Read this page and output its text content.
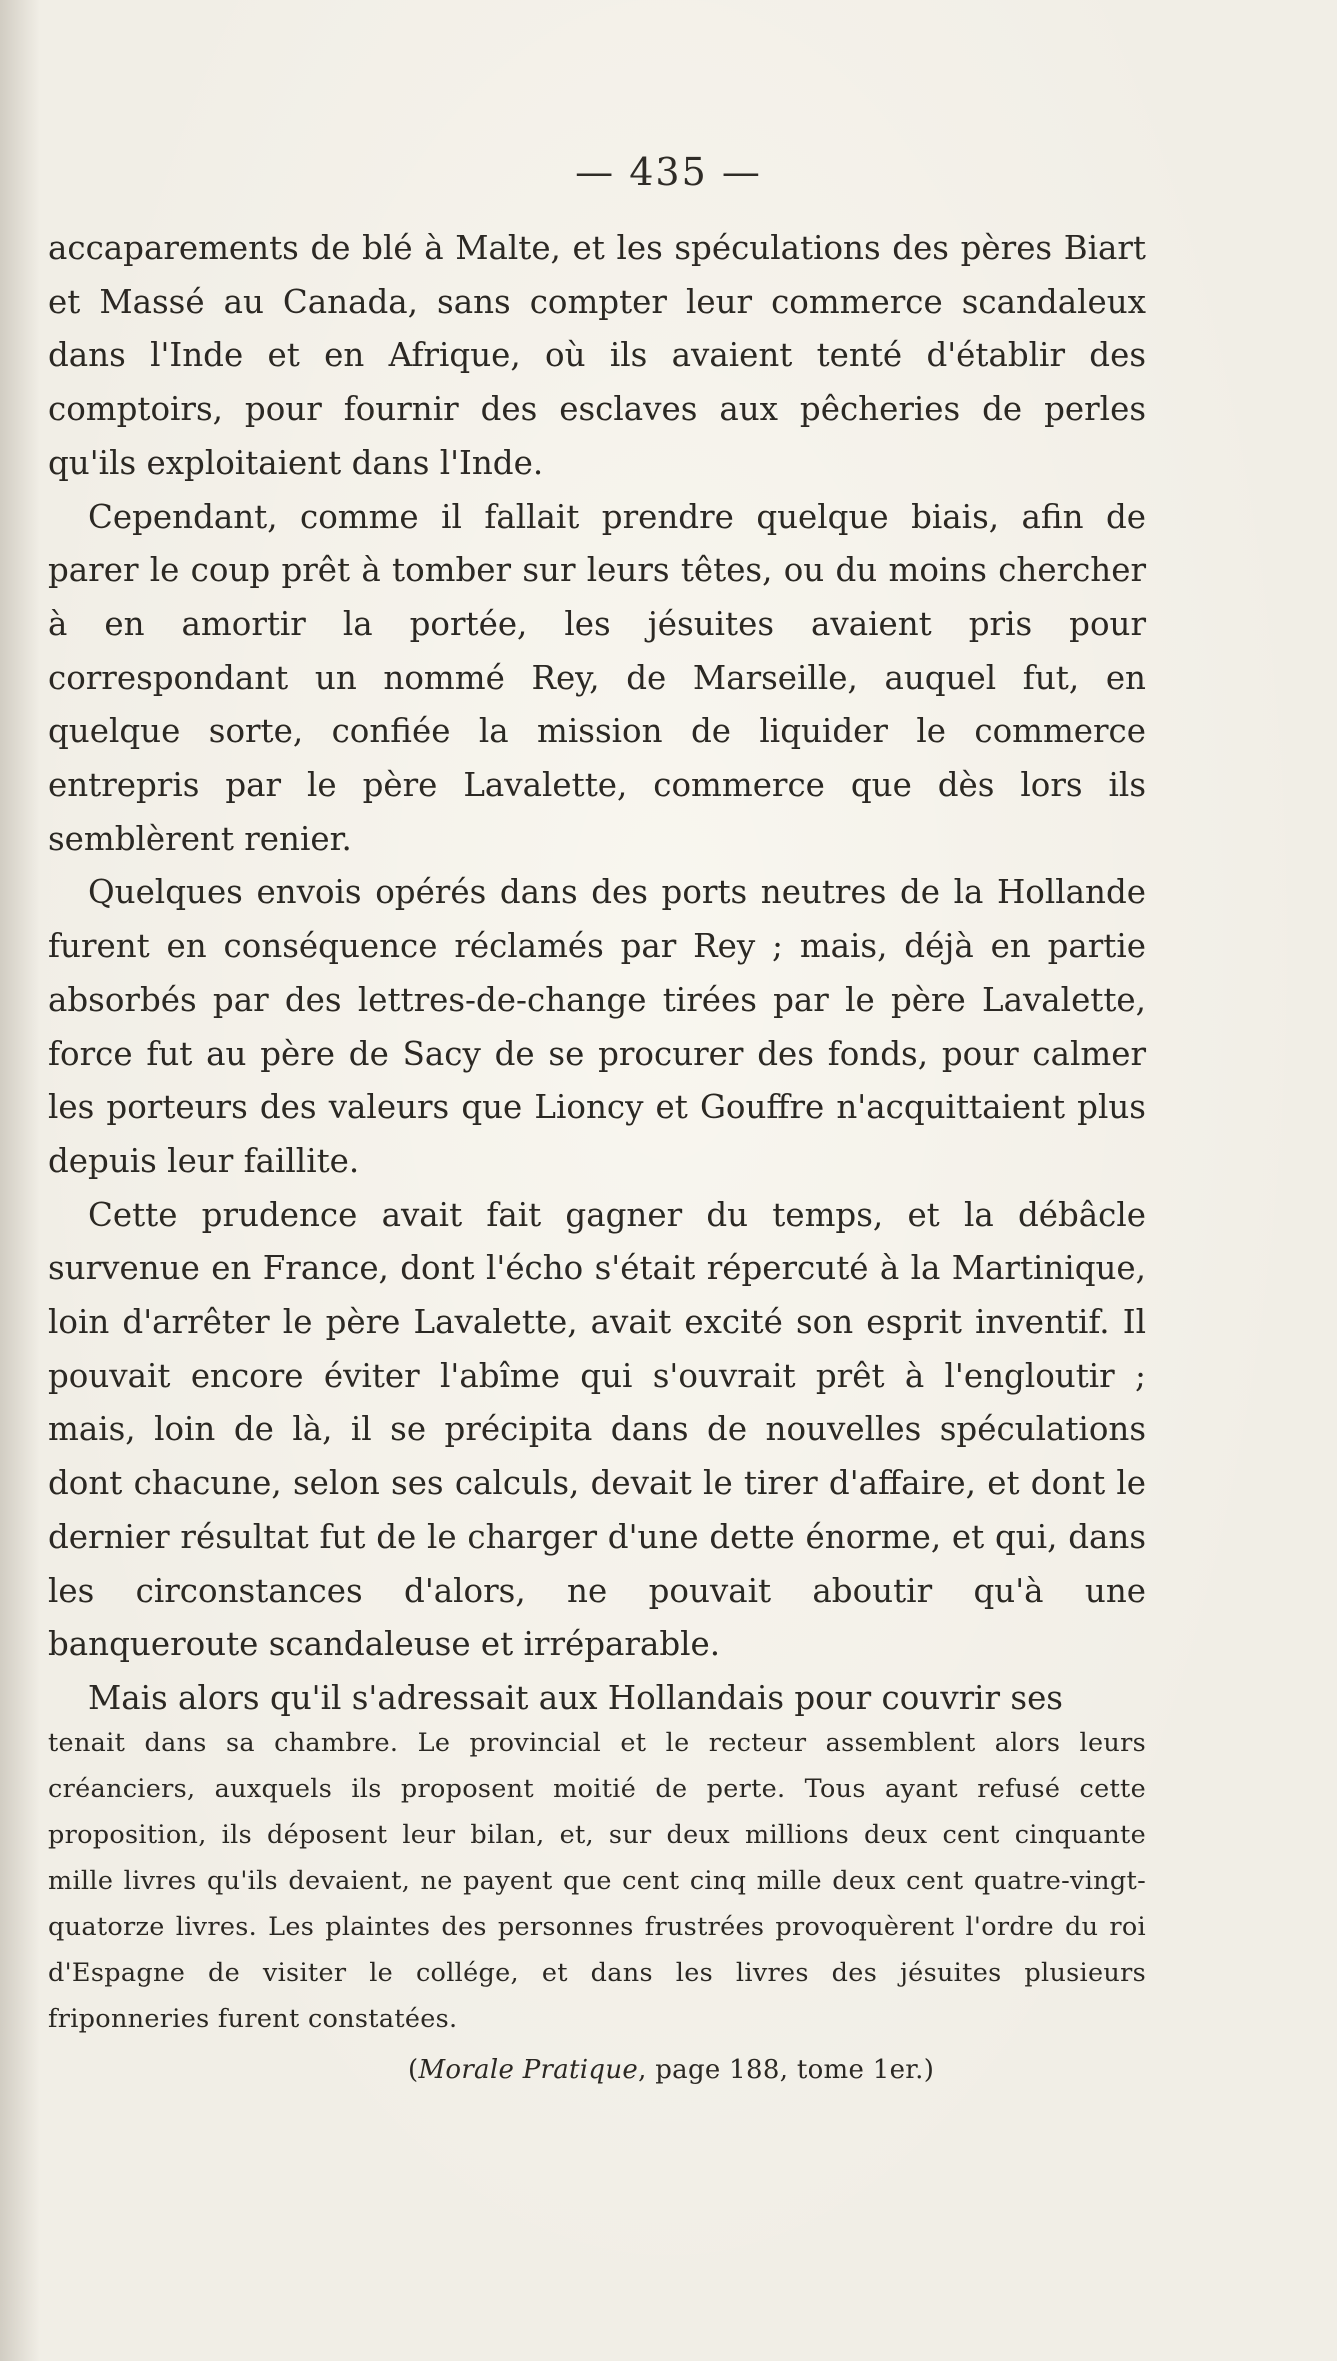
— 435 —

accaparements de blé à Malte, et les spéculations des pères Biart et Massé au Canada, sans compter leur commerce scandaleux dans l'Inde et en Afrique, où ils avaient tenté d'établir des comptoirs, pour fournir des esclaves aux pêcheries de perles qu'ils exploitaient dans l'Inde.

Cependant, comme il fallait prendre quelque biais, afin de parer le coup prêt à tomber sur leurs têtes, ou du moins chercher à en amortir la portée, les jésuites avaient pris pour correspondant un nommé Rey, de Marseille, auquel fut, en quelque sorte, confiée la mission de liquider le commerce entrepris par le père Lavalette, commerce que dès lors ils semblèrent renier.

Quelques envois opérés dans des ports neutres de la Hollande furent en conséquence réclamés par Rey ; mais, déjà en partie absorbés par des lettres-de-change tirées par le père Lavalette, force fut au père de Sacy de se procurer des fonds, pour calmer les porteurs des valeurs que Lioncy et Gouffre n'acquittaient plus depuis leur faillite.

Cette prudence avait fait gagner du temps, et la débâcle survenue en France, dont l'écho s'était répercuté à la Martinique, loin d'arrêter le père Lavalette, avait excité son esprit inventif. Il pouvait encore éviter l'abîme qui s'ouvrait prêt à l'engloutir ; mais, loin de là, il se précipita dans de nouvelles spéculations dont chacune, selon ses calculs, devait le tirer d'affaire, et dont le dernier résultat fut de le charger d'une dette énorme, et qui, dans les circonstances d'alors, ne pouvait aboutir qu'à une banqueroute scandaleuse et irréparable.

Mais alors qu'il s'adressait aux Hollandais pour couvrir ses

tenait dans sa chambre. Le provincial et le recteur assemblent alors leurs créanciers, auxquels ils proposent moitié de perte. Tous ayant refusé cette proposition, ils déposent leur bilan, et, sur deux millions deux cent cinquante mille livres qu'ils devaient, ne payent que cent cinq mille deux cent quatre-vingt-quatorze livres. Les plaintes des personnes frustrées provoquèrent l'ordre du roi d'Espagne de visiter le collége, et dans les livres des jésuites plusieurs friponneries furent constatées.

(Morale Pratique, page 188, tome 1er.)
